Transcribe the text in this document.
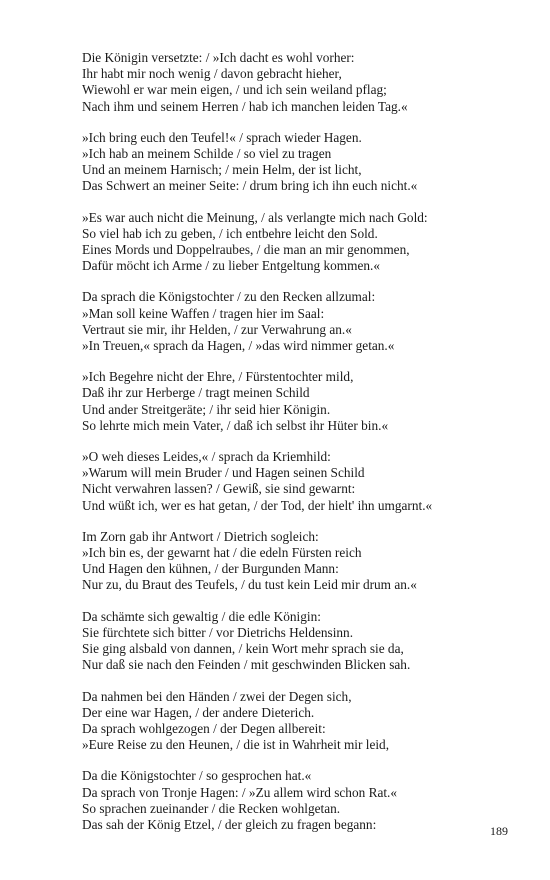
Die Königin versetzte: / »Ich dacht es wohl vorher:
Ihr habt mir noch wenig / davon gebracht hieher,
Wiewohl er war mein eigen, / und ich sein weiland pflag;
Nach ihm und seinem Herren / hab ich manchen leiden Tag.«
»Ich bring euch den Teufel!« / sprach wieder Hagen.
»Ich hab an meinem Schilde / so viel zu tragen
Und an meinem Harnisch; / mein Helm, der ist licht,
Das Schwert an meiner Seite: / drum bring ich ihn euch nicht.«
»Es war auch nicht die Meinung, / als verlangte mich nach Gold:
So viel hab ich zu geben, / ich entbehre leicht den Sold.
Eines Mords und Doppelraubes, / die man an mir genommen,
Dafür möcht ich Arme / zu lieber Entgeltung kommen.«
Da sprach die Königstochter / zu den Recken allzumal:
»Man soll keine Waffen / tragen hier im Saal:
Vertraut sie mir, ihr Helden, / zur Verwahrung an.«
»In Treuen,« sprach da Hagen, / »das wird nimmer getan.«
»Ich Begehre nicht der Ehre, / Fürstentochter mild,
Daß ihr zur Herberge / tragt meinen Schild
Und ander Streitgeräte; / ihr seid hier Königin.
So lehrte mich mein Vater, / daß ich selbst ihr Hüter bin.«
»O weh dieses Leides,« / sprach da Kriemhild:
»Warum will mein Bruder / und Hagen seinen Schild
Nicht verwahren lassen? / Gewiß, sie sind gewarnt:
Und wüßt ich, wer es hat getan, / der Tod, der hielt' ihn umgarnt.«
Im Zorn gab ihr Antwort / Dietrich sogleich:
»Ich bin es, der gewarnt hat / die edeln Fürsten reich
Und Hagen den kühnen, / der Burgunden Mann:
Nur zu, du Braut des Teufels, / du tust kein Leid mir drum an.«
Da schämte sich gewaltig / die edle Königin:
Sie fürchtete sich bitter / vor Dietrichs Heldensinn.
Sie ging alsbald von dannen, / kein Wort mehr sprach sie da,
Nur daß sie nach den Feinden / mit geschwinden Blicken sah.
Da nahmen bei den Händen / zwei der Degen sich,
Der eine war Hagen, / der andere Dieterich.
Da sprach wohlgezogen / der Degen allbereit:
»Eure Reise zu den Heunen, / die ist in Wahrheit mir leid,
Da die Königstochter / so gesprochen hat.«
Da sprach von Tronje Hagen: / »Zu allem wird schon Rat.«
So sprachen zueinander / die Recken wohlgetan.
Das sah der König Etzel, / der gleich zu fragen begann:	189
